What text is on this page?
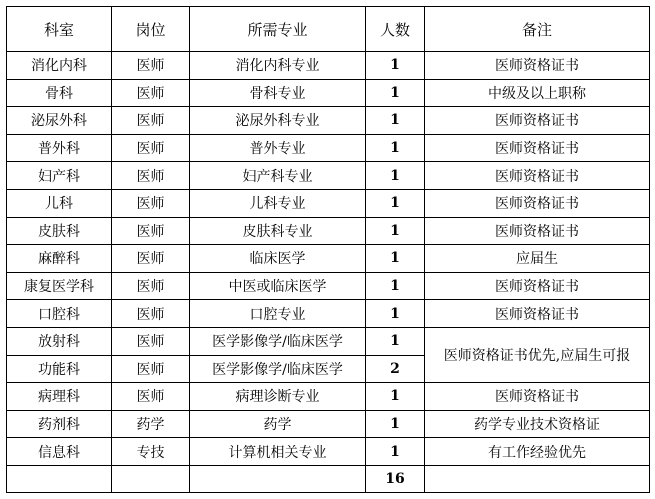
科室	岗位	所需专业	人数	备注
消化内科	医师	消化内科专业	1	医师资格证书
骨科	医师	骨科专业	1	中级及以上职称
泌尿外科	医师	泌尿外科专业	1	医师资格证书
普外科	医师	普外专业	1	医师资格证书
妇产科	医师	妇产科专业	1	医师资格证书
儿科	医师	儿科专业	1	医师资格证书
皮肤科	医师	皮肤科专业	1	医师资格证书
麻醉科	医师	临床医学	1	应届生
康复医学科	医师	中医或临床医学	1	医师资格证书
口腔科	医师	口腔专业	1	医师资格证书
放射科	医师	医学影像学/临床医学	1	医师资格证书优先,应届生可报
功能科	医师	医学影像学/临床医学	2	
病理科	医师	病理诊断专业	1	医师资格证书
药剂科	药学	药学	1	药学专业技术资格证
信息科	专技	计算机相关专业	1	有工作经验优先
			16	
